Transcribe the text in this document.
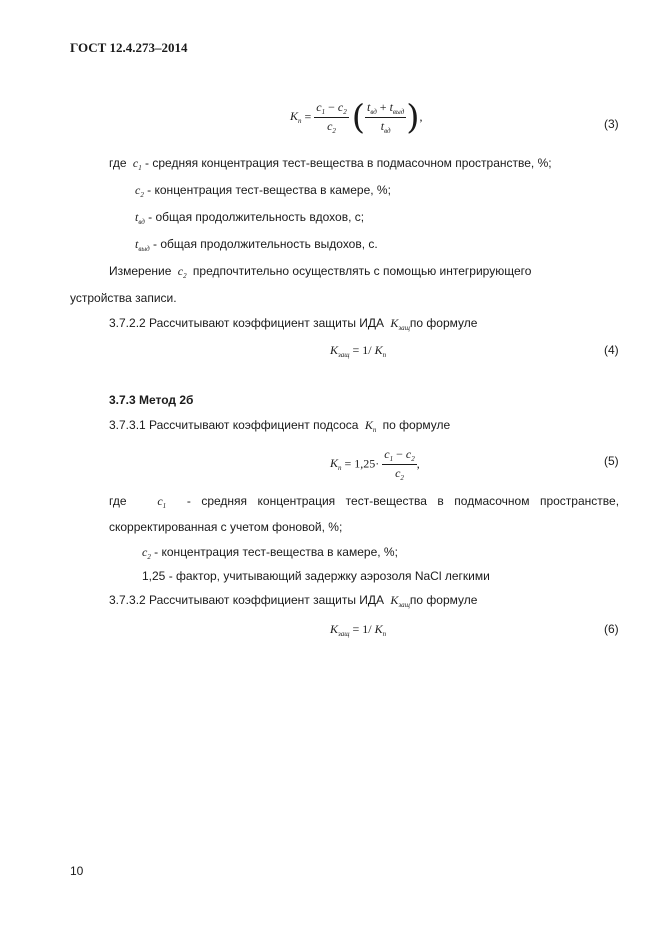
ГОСТ 12.4.273–2014
$K_п = \frac{c_1 - c_2}{c_2}$ ( $\frac{t_{вд} + t_{выд}}{t_{вд}}$ ),
(3)
где  $c_1$ - средняя концентрация тест-вещества в подмасочном пространстве, %;
$c_2$ - концентрация тест-вещества в камере, %;
$t_{вд}$ - общая продолжительность вдохов, с;
$t_{выд}$ - общая продолжительность выдохов, с.
Измерение  $c_2$ предпочтительно осуществлять с помощью интегрирующего
устройства записи.
3.7.2.2 Рассчитывают коэффициент защиты ИДА  $K_{защ}по$ формуле
$K_{защ} = 1/$ $K_п$	(4)
3.7.3 Метод 2б
3.7.3.1 Рассчитывают коэффициент подсоса  $K_п$ по формуле
$K_п = 1,25\cdot \frac{c_1 - c_2}{c_2}$ ,	(5)
где   $c_1$ - средняя концентрация тест-вещества в подмасочном пространстве,
скорректированная с учетом фоновой, %;
$c_2$ - концентрация тест-вещества в камере, %;
1,25 - фактор, учитывающий задержку аэрозоля NaCl легкими
3.7.3.2 Рассчитывают коэффициент защиты ИДА  $K_{защ}по$ формуле
$K_{защ} = 1/$ $K_п$	(6)
10
